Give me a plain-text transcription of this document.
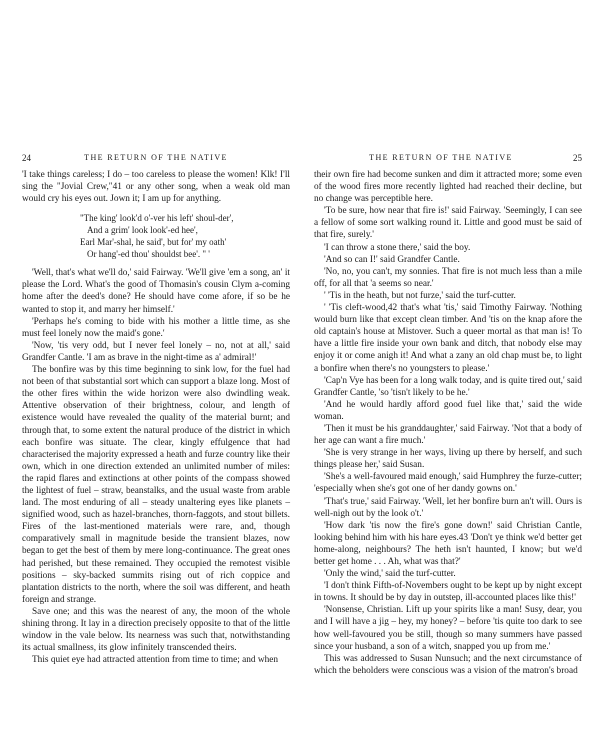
24	THE RETURN OF THE NATIVE

'I take things careless; I do – too careless to please the women! Klk! I'll sing the "Jovial Crew,"41 or any other song, when a weak old man would cry his eyes out. Jown it; I am up for anything.

"The king' look'd o'-ver his left' shoul-der',
And a grim' look look'-ed hee',
Earl Mar'-shal, he said', but for' my oath'
Or hang'-ed thou' shouldst bee'. " '

'Well, that's what we'll do,' said Fairway. 'We'll give 'em a song, an' it please the Lord. What's the good of Thomasin's cousin Clym a-coming home after the deed's done? He should have come afore, if so be he wanted to stop it, and marry her himself.'

'Perhaps he's coming to bide with his mother a little time, as she must feel lonely now the maid's gone.'

'Now, 'tis very odd, but I never feel lonely – no, not at all,' said Grandfer Cantle. 'I am as brave in the night-time as a' admiral!'

The bonfire was by this time beginning to sink low, for the fuel had not been of that substantial sort which can support a blaze long. Most of the other fires within the wide horizon were also dwindling weak. Attentive observation of their brightness, colour, and length of existence would have revealed the quality of the material burnt; and through that, to some extent the natural produce of the district in which each bonfire was situate. The clear, kingly effulgence that had characterised the majority expressed a heath and furze country like their own, which in one direction extended an unlimited number of miles: the rapid flares and extinctions at other points of the compass showed the lightest of fuel – straw, beanstalks, and the usual waste from arable land. The most enduring of all – steady unaltering eyes like planets – signified wood, such as hazel-branches, thorn-faggots, and stout billets. Fires of the last-mentioned materials were rare, and, though comparatively small in magnitude beside the transient blazes, now began to get the best of them by mere long-continuance. The great ones had perished, but these remained. They occupied the remotest visible positions – sky-backed summits rising out of rich coppice and plantation districts to the north, where the soil was different, and heath foreign and strange.

Save one; and this was the nearest of any, the moon of the whole shining throng. It lay in a direction precisely opposite to that of the little window in the vale below. Its nearness was such that, notwithstanding its actual smallness, its glow infinitely transcended theirs.

This quiet eye had attracted attention from time to time; and when

THE RETURN OF THE NATIVE	25

their own fire had become sunken and dim it attracted more; some even of the wood fires more recently lighted had reached their decline, but no change was perceptible here.

'To be sure, how near that fire is!' said Fairway. 'Seemingly, I can see a fellow of some sort walking round it. Little and good must be said of that fire, surely.'

'I can throw a stone there,' said the boy.

'And so can I!' said Grandfer Cantle.

'No, no, you can't, my sonnies. That fire is not much less than a mile off, for all that 'a seems so near.'

' 'Tis in the heath, but not furze,' said the turf-cutter.

' 'Tis cleft-wood,42 that's what 'tis,' said Timothy Fairway. 'Nothing would burn like that except clean timber. And 'tis on the knap afore the old captain's house at Mistover. Such a queer mortal as that man is! To have a little fire inside your own bank and ditch, that nobody else may enjoy it or come anigh it! And what a zany an old chap must be, to light a bonfire when there's no youngsters to please.'

'Cap'n Vye has been for a long walk today, and is quite tired out,' said Grandfer Cantle, 'so 'tisn't likely to be he.'

'And he would hardly afford good fuel like that,' said the wide woman.

'Then it must be his granddaughter,' said Fairway. 'Not that a body of her age can want a fire much.'

'She is very strange in her ways, living up there by herself, and such things please her,' said Susan.

'She's a well-favoured maid enough,' said Humphrey the furze-cutter; 'especially when she's got one of her dandy gowns on.'

'That's true,' said Fairway. 'Well, let her bonfire burn an't will. Ours is well-nigh out by the look o't.'

'How dark 'tis now the fire's gone down!' said Christian Cantle, looking behind him with his hare eyes.43 'Don't ye think we'd better get home-along, neighbours? The heth isn't haunted, I know; but we'd better get home . . . Ah, what was that?'

'Only the wind,' said the turf-cutter.

'I don't think Fifth-of-Novembers ought to be kept up by night except in towns. It should be by day in outstep, ill-accounted places like this!'

'Nonsense, Christian. Lift up your spirits like a man! Susy, dear, you and I will have a jig – hey, my honey? – before 'tis quite too dark to see how well-favoured you be still, though so many summers have passed since your husband, a son of a witch, snapped you up from me.'

This was addressed to Susan Nunsuch; and the next circumstance of which the beholders were conscious was a vision of the matron's broad
